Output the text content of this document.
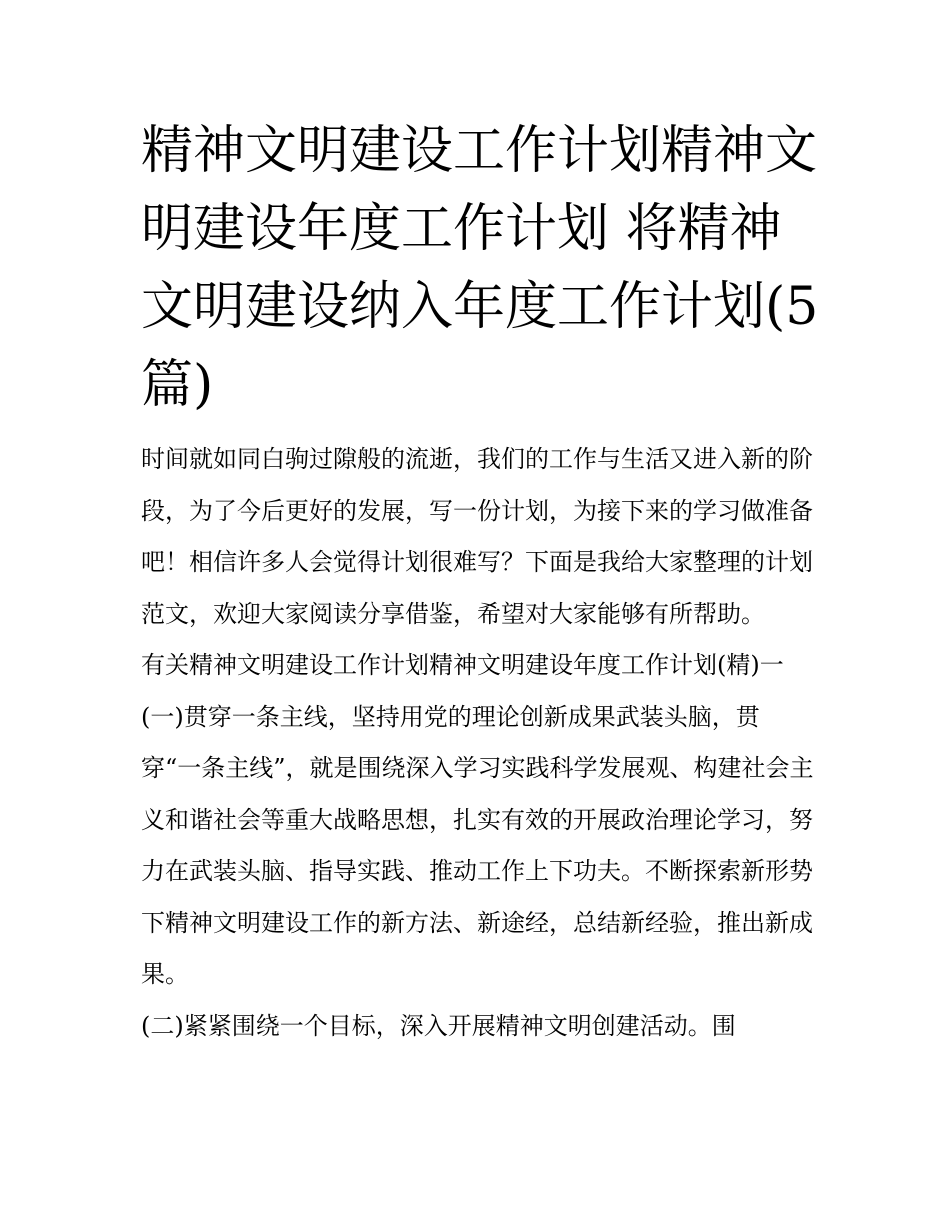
精神文明建设工作计划精神文明建设年度工作计划 将精神文明建设纳入年度工作计划(5篇)

时间就如同白驹过隙般的流逝，我们的工作与生活又进入新的阶段，为了今后更好的发展，写一份计划，为接下来的学习做准备吧！相信许多人会觉得计划很难写？下面是我给大家整理的计划范文，欢迎大家阅读分享借鉴，希望对大家能够有所帮助。

有关精神文明建设工作计划精神文明建设年度工作计划(精)一

(一)贯穿一条主线，坚持用党的理论创新成果武装头脑，贯穿“一条主线”，就是围绕深入学习实践科学发展观、构建社会主义和谐社会等重大战略思想，扎实有效的开展政治理论学习，努力在武装头脑、指导实践、推动工作上下功夫。不断探索新形势下精神文明建设工作的新方法、新途经，总结新经验，推出新成果。

(二)紧紧围绕一个目标，深入开展精神文明创建活动。围
